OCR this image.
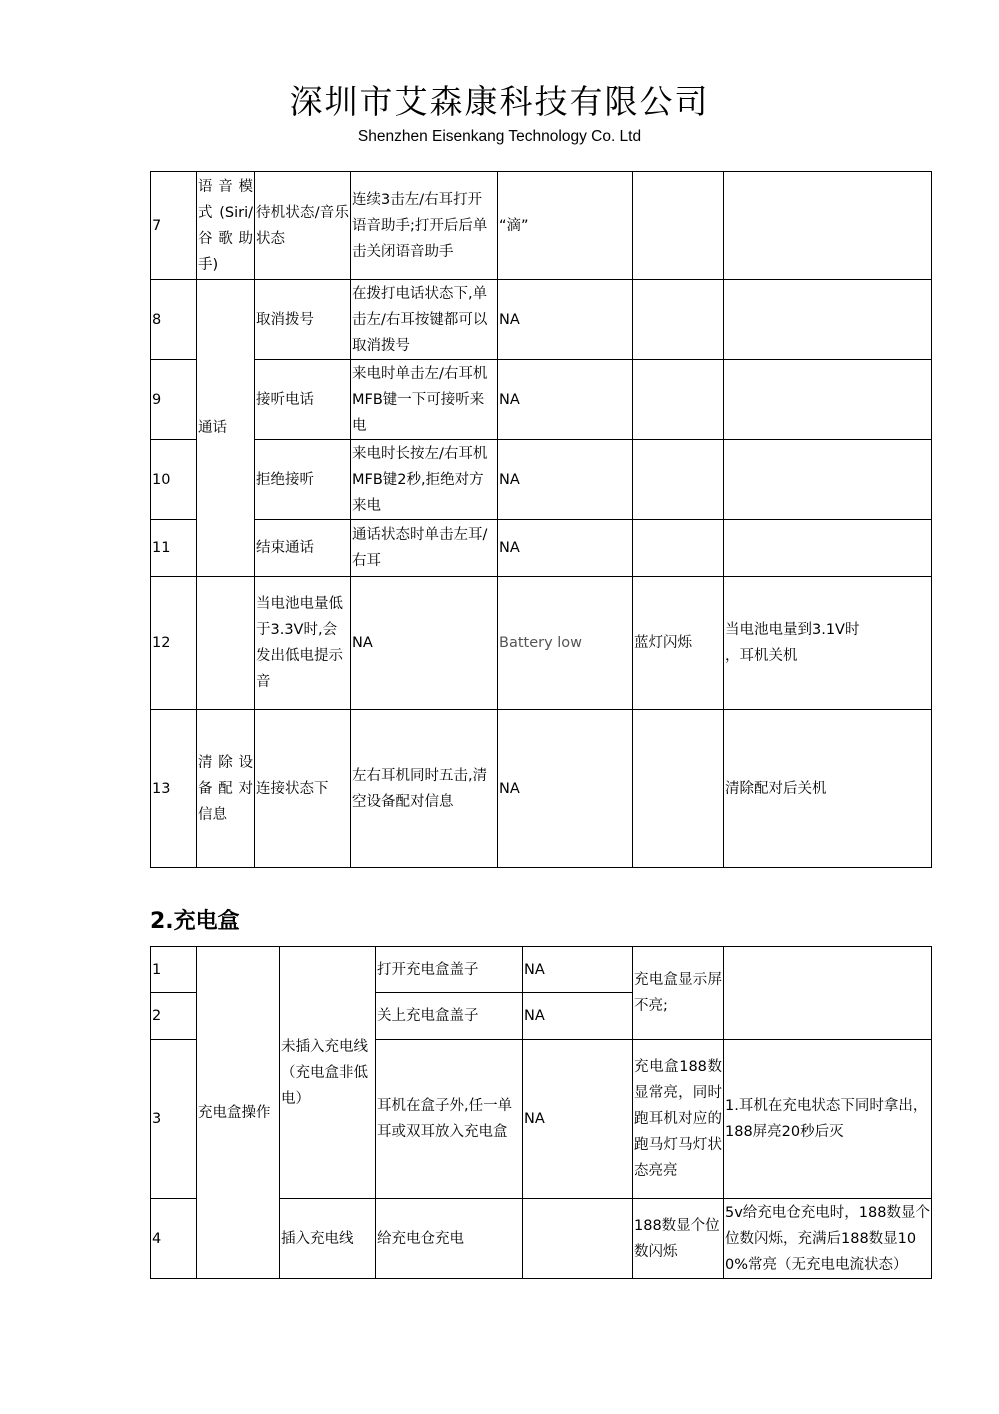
深圳市艾森康科技有限公司
Shenzhen Eisenkang Technology Co. Ltd
7	语音模式(Siri/谷歌助手)	待机状态/音乐状态	连续3击左/右耳打开语音助手;打开后后单击关闭语音助手	“滴”		
8	通话	取消拨号	在拨打电话状态下,单击左/右耳按键都可以取消拨号	NA		
9		接听电话	来电时单击左/右耳机MFB键一下可接听来电	NA		
10		拒绝接听	来电时长按左/右耳机MFB键2秒,拒绝对方来电	NA		
11		结束通话	通话状态时单击左耳/右耳	NA		
12		当电池电量低于3.3V时,会发出低电提示音	NA	Battery low	蓝灯闪烁	当电池电量到3.1V时
，耳机关机
13	清除设备配对信息	连接状态下	左右耳机同时五击,清空设备配对信息	NA		清除配对后关机
2.充电盒
1	充电盒操作	未插入充电线（充电盒非低电）	打开充电盒盖子	NA	充电盒显示屏不亮;	
2			关上充电盒盖子	NA		
3			耳机在盒子外,任一单耳或双耳放入充电盒	NA	充电盒188数显常亮，同时跑耳机对应的跑马灯马灯状态亮亮	1.耳机在充电状态下同时拿出，188屏亮20秒后灭
4		插入充电线	给充电仓充电		188数显个位数闪烁	5v给充电仓充电时，188数显个位数闪烁，充满后188数显100%常亮（无充电电流状态）
